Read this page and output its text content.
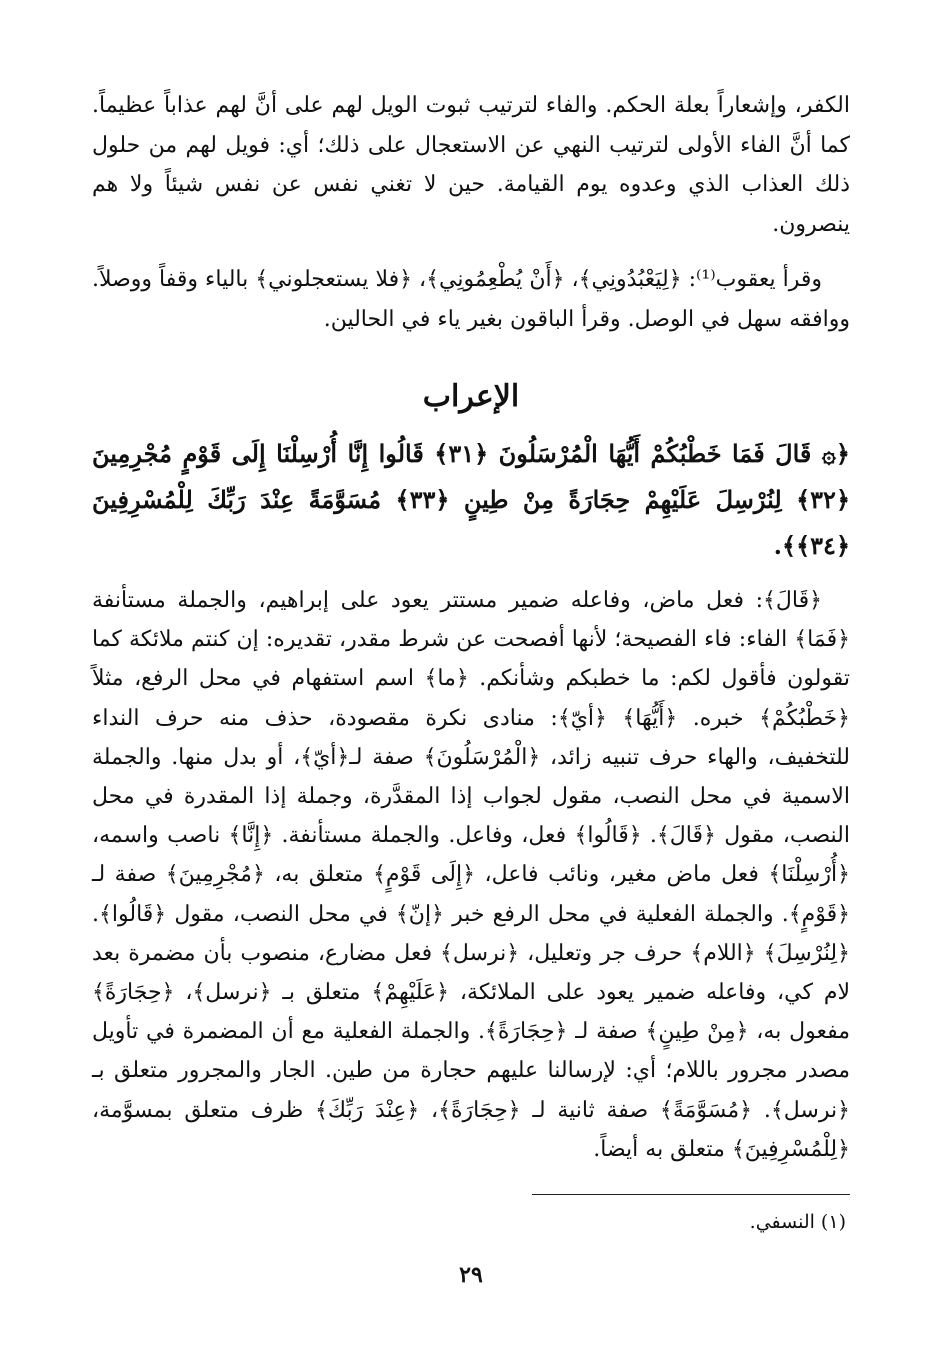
الكفر، وإشعاراً بعلة الحكم. والفاء لترتيب ثبوت الويل لهم على أنَّ لهم عذاباً عظيماً. كما أنَّ الفاء الأولى لترتيب النهي عن الاستعجال على ذلك؛ أي: فويل لهم من حلول ذلك العذاب الذي وعدوه يوم القيامة. حين لا تغني نفس عن نفس شيئاً ولا هم ينصرون.

وقرأ يعقوب⁽¹⁾: ﴿لِيَعْبُدُونِي﴾، ﴿أَنْ يُطْعِمُونِي﴾، ﴿فلا يستعجلوني﴾ بالياء وقفاً ووصلاً. ووافقه سهل في الوصل. وقرأ الباقون بغير ياء في الحالين.

الإعراب

﴿۞ قَالَ فَمَا خَطْبُكُمْ أَيُّهَا الْمُرْسَلُونَ ﴿٣١﴾ قَالُوا إِنَّا أُرْسِلْنَا إِلَى قَوْمٍ مُجْرِمِينَ ﴿٣٢﴾ لِنُرْسِلَ عَلَيْهِمْ حِجَارَةً مِنْ طِينٍ ﴿٣٣﴾ مُسَوَّمَةً عِنْدَ رَبِّكَ لِلْمُسْرِفِينَ ﴿٣٤﴾﴾.

﴿قَالَ﴾: فعل ماض، وفاعله ضمير مستتر يعود على إبراهيم، والجملة مستأنفة ﴿فَمَا﴾ الفاء: فاء الفصيحة؛ لأنها أفصحت عن شرط مقدر، تقديره: إن كنتم ملائكة كما تقولون فأقول لكم: ما خطبكم وشأنكم. ﴿ما﴾ اسم استفهام في محل الرفع، مثلاً ﴿خَطْبُكُمْ﴾ خبره. ﴿أَيُّهَا﴾ ﴿أيّ﴾: منادى نكرة مقصودة، حذف منه حرف النداء للتخفيف، والهاء حرف تنبيه زائد، ﴿الْمُرْسَلُونَ﴾ صفة لـ﴿أيّ﴾، أو بدل منها. والجملة الاسمية في محل النصب، مقول لجواب إذا المقدَّرة، وجملة إذا المقدرة في محل النصب، مقول ﴿قَالَ﴾. ﴿قَالُوا﴾ فعل، وفاعل. والجملة مستأنفة. ﴿إِنَّا﴾ ناصب واسمه، ﴿أُرْسِلْنَا﴾ فعل ماض مغير، ونائب فاعل، ﴿إِلَى قَوْمٍ﴾ متعلق به، ﴿مُجْرِمِينَ﴾ صفة لـ ﴿قَوْمٍ﴾. والجملة الفعلية في محل الرفع خبر ﴿إنّ﴾ في محل النصب، مقول ﴿قَالُوا﴾. ﴿لِنُرْسِلَ﴾ ﴿اللام﴾ حرف جر وتعليل، ﴿نرسل﴾ فعل مضارع، منصوب بأن مضمرة بعد لام كي، وفاعله ضمير يعود على الملائكة، ﴿عَلَيْهِمْ﴾ متعلق بـ ﴿نرسل﴾، ﴿حِجَارَةً﴾ مفعول به، ﴿مِنْ طِينٍ﴾ صفة لـ ﴿حِجَارَةً﴾. والجملة الفعلية مع أن المضمرة في تأويل مصدر مجرور باللام؛ أي: لإرسالنا عليهم حجارة من طين. الجار والمجرور متعلق بـ ﴿نرسل﴾. ﴿مُسَوَّمَةً﴾ صفة ثانية لـ ﴿حِجَارَةً﴾، ﴿عِنْدَ رَبِّكَ﴾ ظرف متعلق بمسوَّمة، ﴿لِلْمُسْرِفِينَ﴾ متعلق به أيضاً.

(١) النسفي.
٢٩
